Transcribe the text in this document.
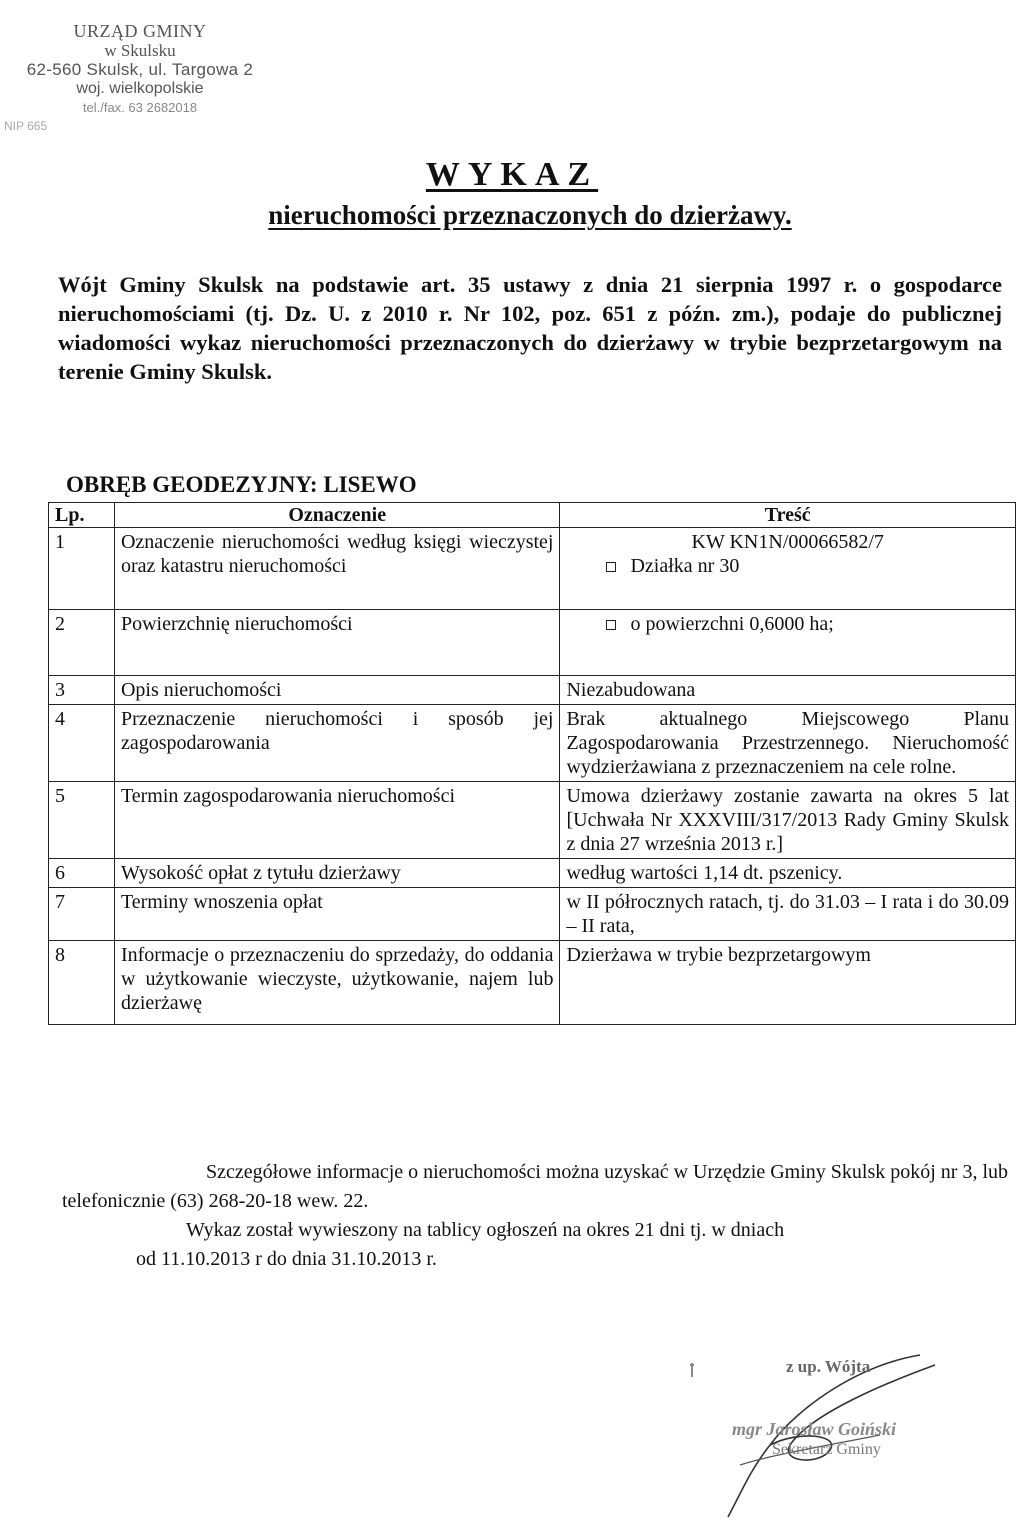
URZĄD GMINY
w Skulsku
62-560 Skulsk, ul. Targowa 2
woj. wielkopolskie
tel./fax. 63 2682018
NIP 665
WYKAZ
nieruchomości przeznaczonych do dzierżawy.
Wójt Gminy Skulsk na podstawie art. 35 ustawy z dnia 21 sierpnia 1997 r. o gospodarce nieruchomościami (tj. Dz. U. z 2010 r. Nr 102, poz. 651 z późn. zm.), podaje do publicznej wiadomości wykaz nieruchomości przeznaczonych do dzierżawy w trybie bezprzetargowym na terenie Gminy Skulsk.
OBRĘB GEODEZYJNY: LISEWO
Lp.	Oznaczenie	Treść
1	Oznaczenie nieruchomości według księgi wieczystej oraz katastru nieruchomości	KW KN1N/00066582/7
Działka nr 30

2	Powierzchnię nieruchomości	o powierzchni 0,6000 ha;

3	Opis nieruchomości	Niezabudowana
4	Przeznaczenie nieruchomości i sposób jej zagospodarowania	Brak aktualnego Miejscowego Planu Zagospodarowania Przestrzennego. Nieruchomość wydzierżawiana z przeznaczeniem na cele rolne.
5	Termin zagospodarowania nieruchomości	Umowa dzierżawy zostanie zawarta na okres 5 lat [Uchwała Nr XXXVIII/317/2013 Rady Gminy Skulsk z dnia 27 września 2013 r.]
6	Wysokość opłat z tytułu dzierżawy	według wartości 1,14 dt. pszenicy.
7	Terminy wnoszenia opłat	w II półrocznych ratach, tj. do 31.03 – I rata i do 30.09 – II rata,
8	Informacje o przeznaczeniu do sprzedaży, do oddania w użytkowanie wieczyste, użytkowanie, najem lub dzierżawę	Dzierżawa w trybie bezprzetargowym

Szczegółowe informacje o nieruchomości można uzyskać w Urzędzie Gminy Skulsk pokój nr 3, lub telefonicznie (63) 268-20-18 wew. 22.

Wykaz został wywieszony na tablicy ogłoszeń na okres 21 dni tj. w dniach

od 11.10.2013 r do dnia 31.10.2013 r.

z up. Wójta
mgr Jarosław Goiński
Sekretarz Gminy
